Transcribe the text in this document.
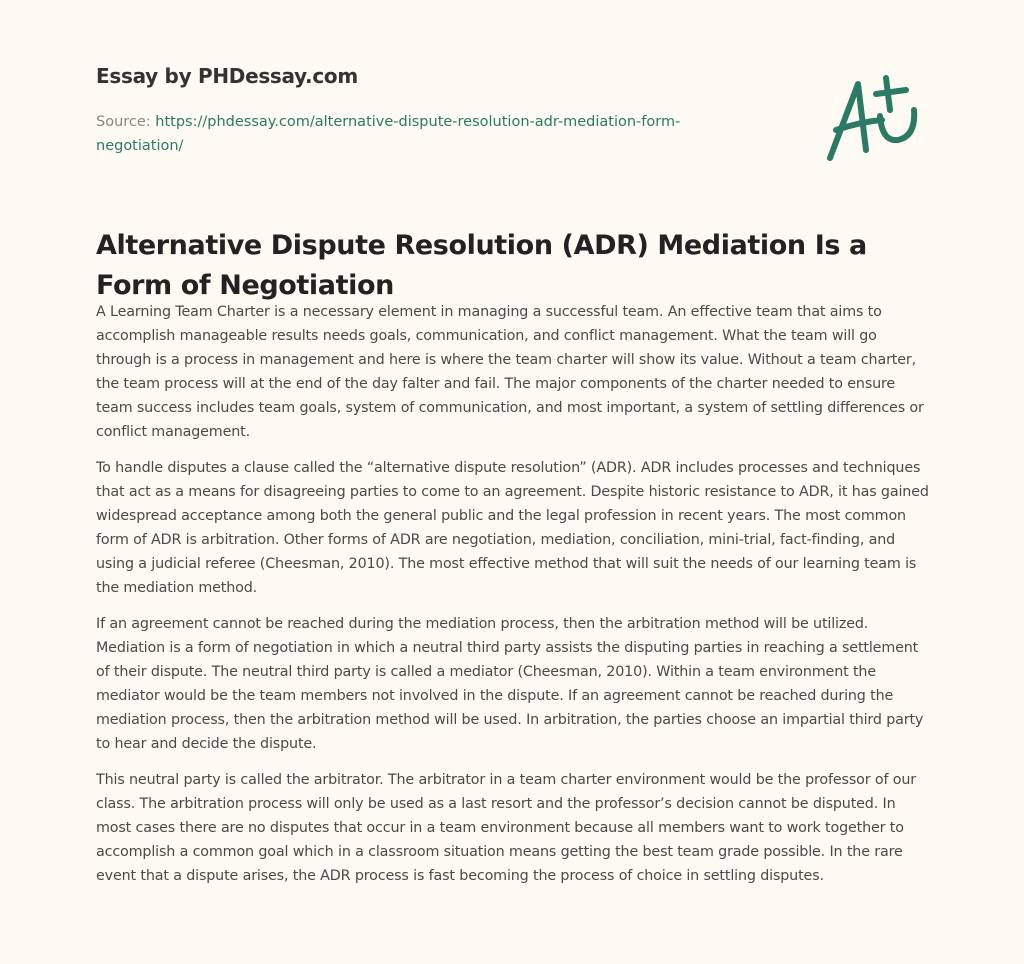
Essay by PHDessay.com
Source: https://phdessay.com/alternative-dispute-resolution-adr-mediation-form-negotiation/
Alternative Dispute Resolution (ADR) Mediation Is a Form of Negotiation

A Learning Team Charter is a necessary element in managing a successful team. An effective team that aims to accomplish manageable results needs goals, communication, and conflict management. What the team will go through is a process in management and here is where the team charter will show its value. Without a team charter, the team process will at the end of the day falter and fail. The major components of the charter needed to ensure team success includes team goals, system of communication, and most important, a system of settling differences or conflict management.

To handle disputes a clause called the “alternative dispute resolution” (ADR). ADR includes processes and techniques that act as a means for disagreeing parties to come to an agreement. Despite historic resistance to ADR, it has gained widespread acceptance among both the general public and the legal profession in recent years. The most common form of ADR is arbitration. Other forms of ADR are negotiation, mediation, conciliation, mini-trial, fact-finding, and using a judicial referee (Cheesman, 2010). The most effective method that will suit the needs of our learning team is the mediation method.

If an agreement cannot be reached during the mediation process, then the arbitration method will be utilized. Mediation is a form of negotiation in which a neutral third party assists the disputing parties in reaching a settlement of their dispute. The neutral third party is called a mediator (Cheesman, 2010). Within a team environment the mediator would be the team members not involved in the dispute. If an agreement cannot be reached during the mediation process, then the arbitration method will be used. In arbitration, the parties choose an impartial third party to hear and decide the dispute.

This neutral party is called the arbitrator. The arbitrator in a team charter environment would be the professor of our class. The arbitration process will only be used as a last resort and the professor’s decision cannot be disputed. In most cases there are no disputes that occur in a team environment because all members want to work together to accomplish a common goal which in a classroom situation means getting the best team grade possible. In the rare event that a dispute arises, the ADR process is fast becoming the process of choice in settling disputes.
